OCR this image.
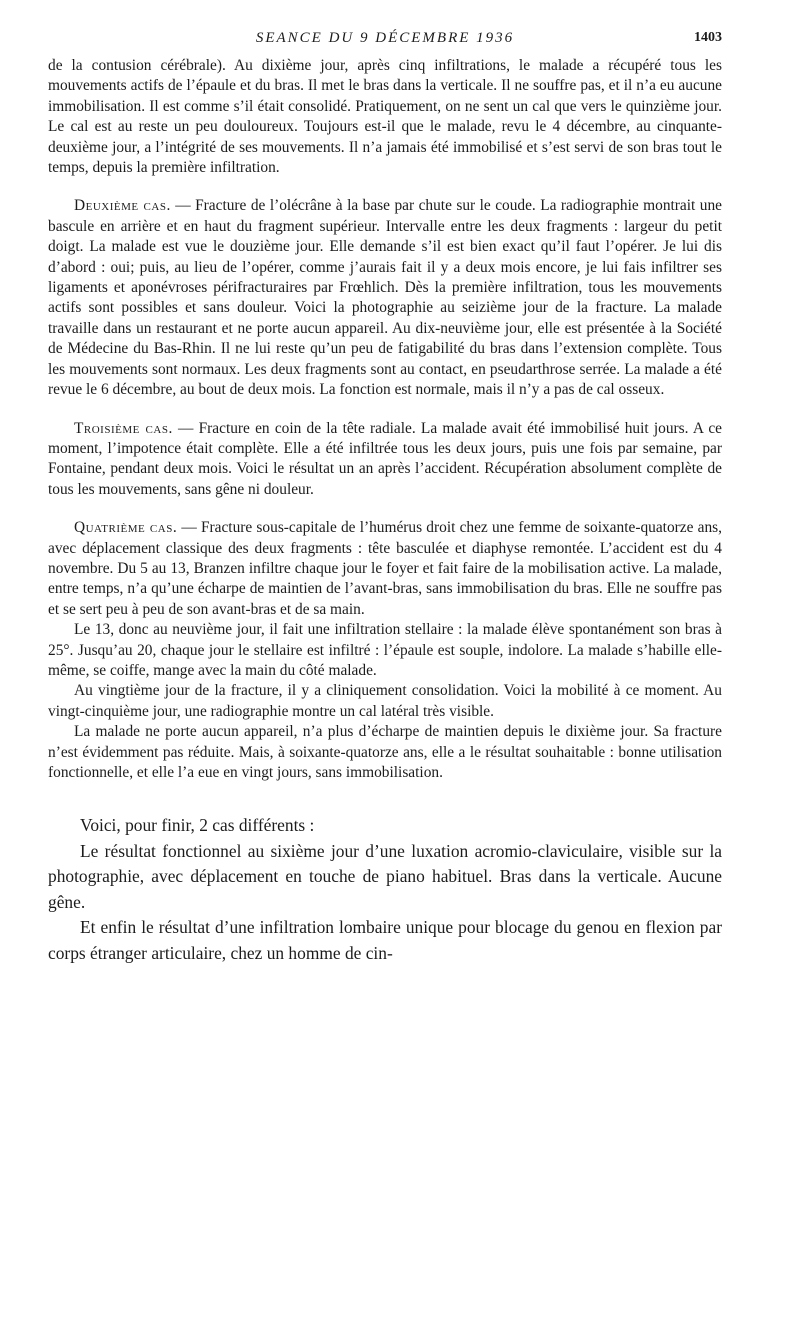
SEANCE DU 9 DÉCEMBRE 1936	1403

de la contusion cérébrale). Au dixième jour, après cinq infiltrations, le malade a récupéré tous les mouvements actifs de l’épaule et du bras. Il met le bras dans la verticale. Il ne souffre pas, et il n’a eu aucune immobilisation. Il est comme s’il était consolidé. Pratiquement, on ne sent un cal que vers le quinzième jour. Le cal est au reste un peu douloureux. Toujours est-il que le malade, revu le 4 décembre, au cinquante-deuxième jour, a l’intégrité de ses mouvements. Il n’a jamais été immobilisé et s’est servi de son bras tout le temps, depuis la première infiltration.

Deuxième cas. — Fracture de l’olécrâne à la base par chute sur le coude. La radiographie montrait une bascule en arrière et en haut du fragment supérieur. Intervalle entre les deux fragments : largeur du petit doigt. La malade est vue le douzième jour. Elle demande s’il est bien exact qu’il faut l’opérer. Je lui dis d’abord : oui; puis, au lieu de l’opérer, comme j’aurais fait il y a deux mois encore, je lui fais infiltrer ses ligaments et aponévroses périfracturaires par Frœhlich. Dès la première infiltration, tous les mouvements actifs sont possibles et sans douleur. Voici la photographie au seizième jour de la fracture. La malade travaille dans un restaurant et ne porte aucun appareil. Au dix-neuvième jour, elle est présentée à la Société de Médecine du Bas-Rhin. Il ne lui reste qu’un peu de fatigabilité du bras dans l’extension complète. Tous les mouvements sont normaux. Les deux fragments sont au contact, en pseudarthrose serrée. La malade a été revue le 6 décembre, au bout de deux mois. La fonction est normale, mais il n’y a pas de cal osseux.

Troisième cas. — Fracture en coin de la tête radiale. La malade avait été immobilisé huit jours. A ce moment, l’impotence était complète. Elle a été infiltrée tous les deux jours, puis une fois par semaine, par Fontaine, pendant deux mois. Voici le résultat un an après l’accident. Récupération absolument complète de tous les mouvements, sans gêne ni douleur.

Quatrième cas. — Fracture sous-capitale de l’humérus droit chez une femme de soixante-quatorze ans, avec déplacement classique des deux fragments : tête basculée et diaphyse remontée. L’accident est du 4 novembre. Du 5 au 13, Branzen infiltre chaque jour le foyer et fait faire de la mobilisation active. La malade, entre temps, n’a qu’une écharpe de maintien de l’avant-bras, sans immobilisation du bras. Elle ne souffre pas et se sert peu à peu de son avant-bras et de sa main.

Le 13, donc au neuvième jour, il fait une infiltration stellaire : la malade élève spontanément son bras à 25°. Jusqu’au 20, chaque jour le stellaire est infiltré : l’épaule est souple, indolore. La malade s’habille elle-même, se coiffe, mange avec la main du côté malade.

Au vingtième jour de la fracture, il y a cliniquement consolidation. Voici la mobilité à ce moment. Au vingt-cinquième jour, une radiographie montre un cal latéral très visible.

La malade ne porte aucun appareil, n’a plus d’écharpe de maintien depuis le dixième jour. Sa fracture n’est évidemment pas réduite. Mais, à soixante-quatorze ans, elle a le résultat souhaitable : bonne utilisation fonctionnelle, et elle l’a eue en vingt jours, sans immobilisation.

Voici, pour finir, 2 cas différents :

Le résultat fonctionnel au sixième jour d’une luxation acromio-claviculaire, visible sur la photographie, avec déplacement en touche de piano habituel. Bras dans la verticale. Aucune gêne.

Et enfin le résultat d’une infiltration lombaire unique pour blocage du genou en flexion par corps étranger articulaire, chez un homme de cin-
